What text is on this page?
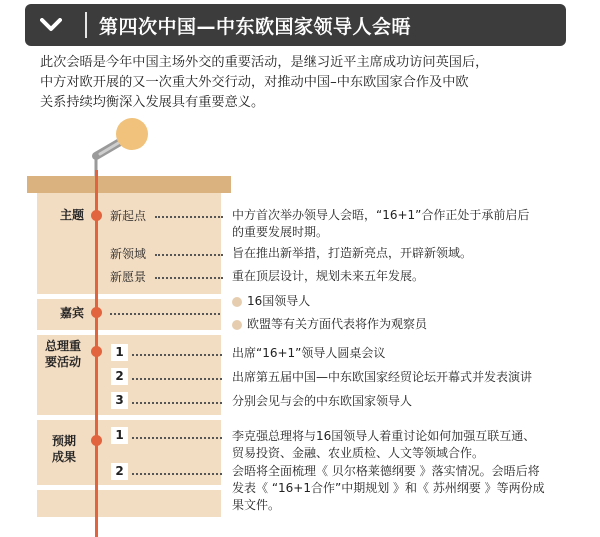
第四次中国—中东欧国家领导人会晤
此次会晤是今年中国主场外交的重要活动，是继习近平主席成功访问英国后，
中方对欧开展的又一次重大外交行动，对推动中国–中东欧国家合作及中欧
关系持续均衡深入发展具有重要意义。
主题 新起点	中方首次举办领导人会晤，“16+1”合作正处于承前启后
的重要发展时期。
新领域	旨在推出新举措，打造新亮点，开辟新领域。
新愿景	重在顶层设计，规划未来五年发展。
嘉宾
16国领导人
欧盟等有关方面代表将作为观察员
总理重
要活动
1	出席“16+1”领导人圆桌会议
2	出席第五届中国—中东欧国家经贸论坛开幕式并发表演讲
3	分别会见与会的中东欧国家领导人
预期
成果
1	李克强总理将与16国领导人着重讨论如何加强互联互通、
贸易投资、金融、农业质检、人文等领域合作。
2	会晤将全面梳理《 贝尔格莱德纲要 》落实情况。会晤后将
发表《 “16+1合作”中期规划 》和《 苏州纲要 》等两份成
果文件。
